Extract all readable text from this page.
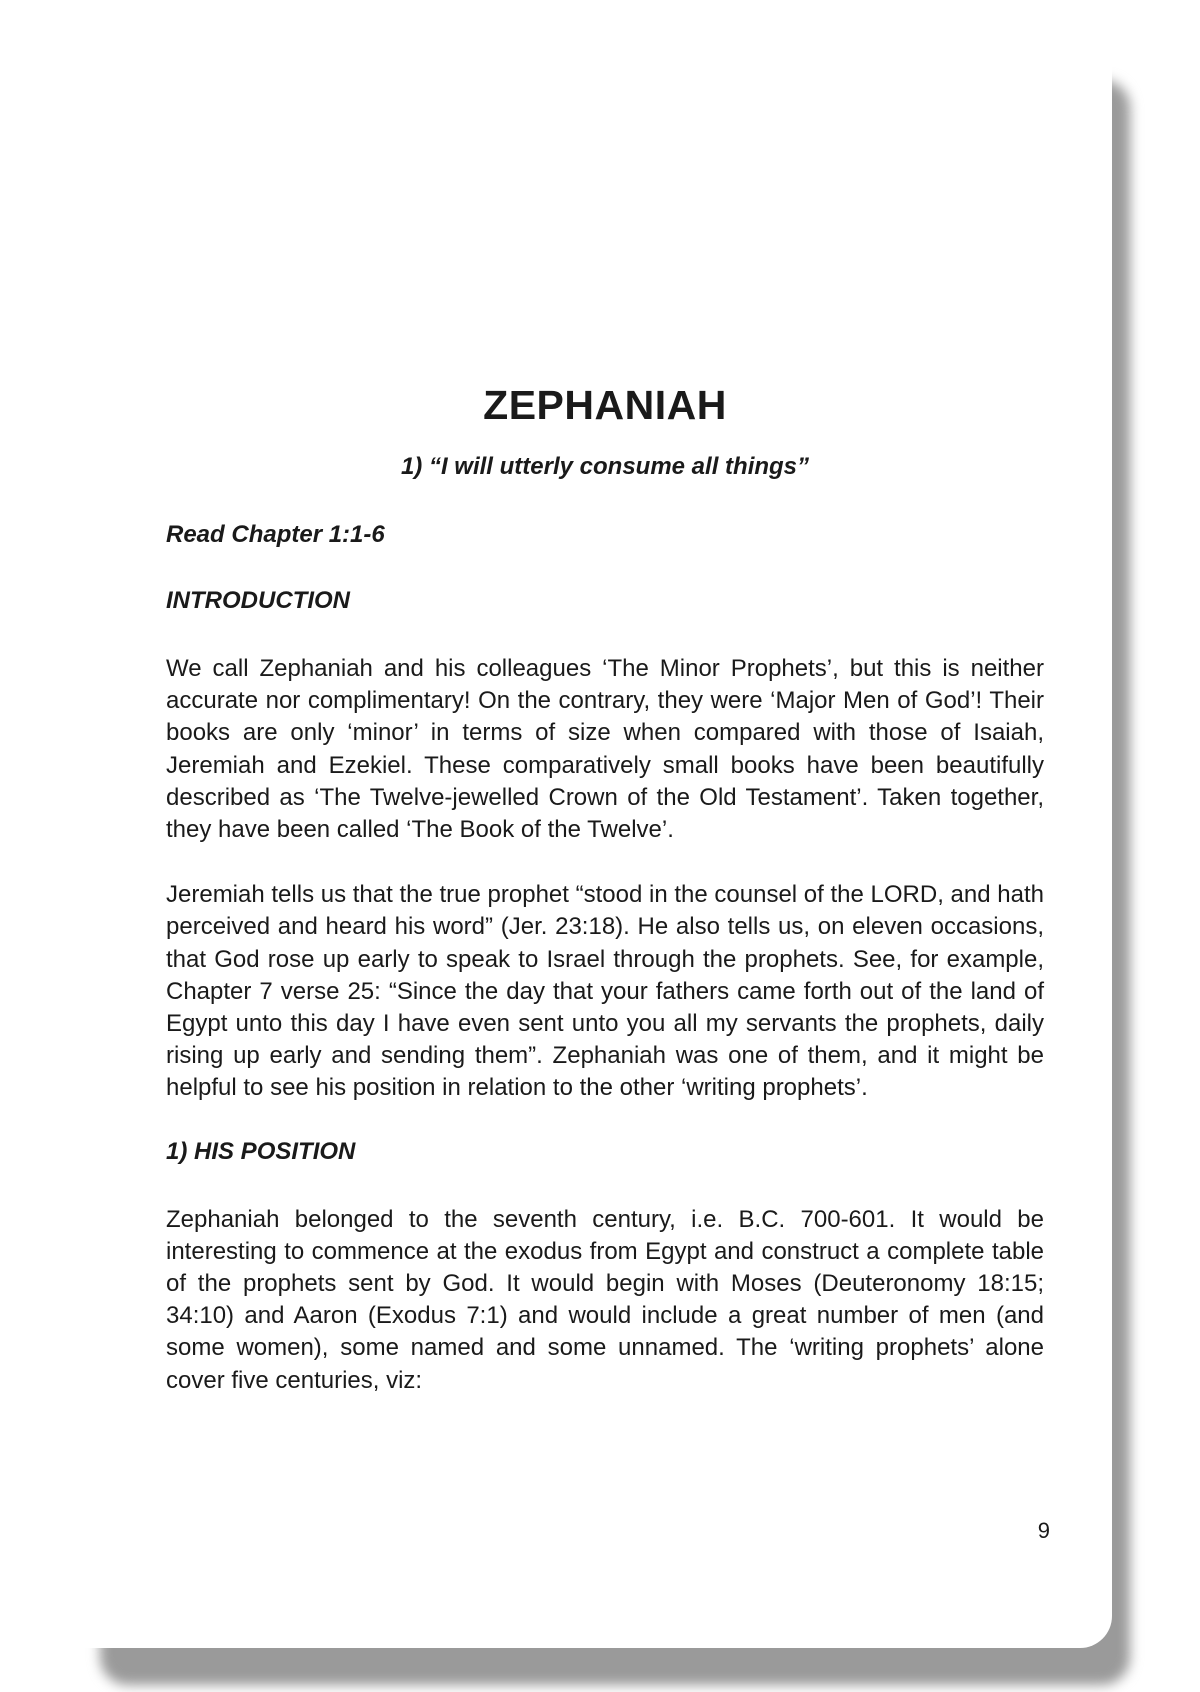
ZEPHANIAH

1) “I will utterly consume all things”

Read Chapter 1:1-6

INTRODUCTION

We call Zephaniah and his colleagues ‘The Minor Prophets’, but this is neither accurate nor complimentary! On the contrary, they were ‘Major Men of God’! Their books are only ‘minor’ in terms of size when compared with those of Isaiah, Jeremiah and Ezekiel. These comparatively small books have been beautifully described as ‘The Twelve-jewelled Crown of the Old Testament’. Taken together, they have been called ‘The Book of the Twelve’.

Jeremiah tells us that the true prophet “stood in the counsel of the LORD, and hath perceived and heard his word” (Jer. 23:18). He also tells us, on eleven occasions, that God rose up early to speak to Israel through the prophets. See, for example, Chapter 7 verse 25: “Since the day that your fathers came forth out of the land of Egypt unto this day I have even sent unto you all my servants the prophets, daily rising up early and sending them”. Zephaniah was one of them, and it might be helpful to see his position in relation to the other ‘writing prophets’.

1) HIS POSITION

Zephaniah belonged to the seventh century, i.e. B.C. 700-601. It would be interesting to commence at the exodus from Egypt and construct a complete table of the prophets sent by God. It would begin with Moses (Deuteronomy 18:15; 34:10) and Aaron (Exodus 7:1) and would include a great number of men (and some women), some named and some unnamed. The ‘writing prophets’ alone cover five centuries, viz:

9
